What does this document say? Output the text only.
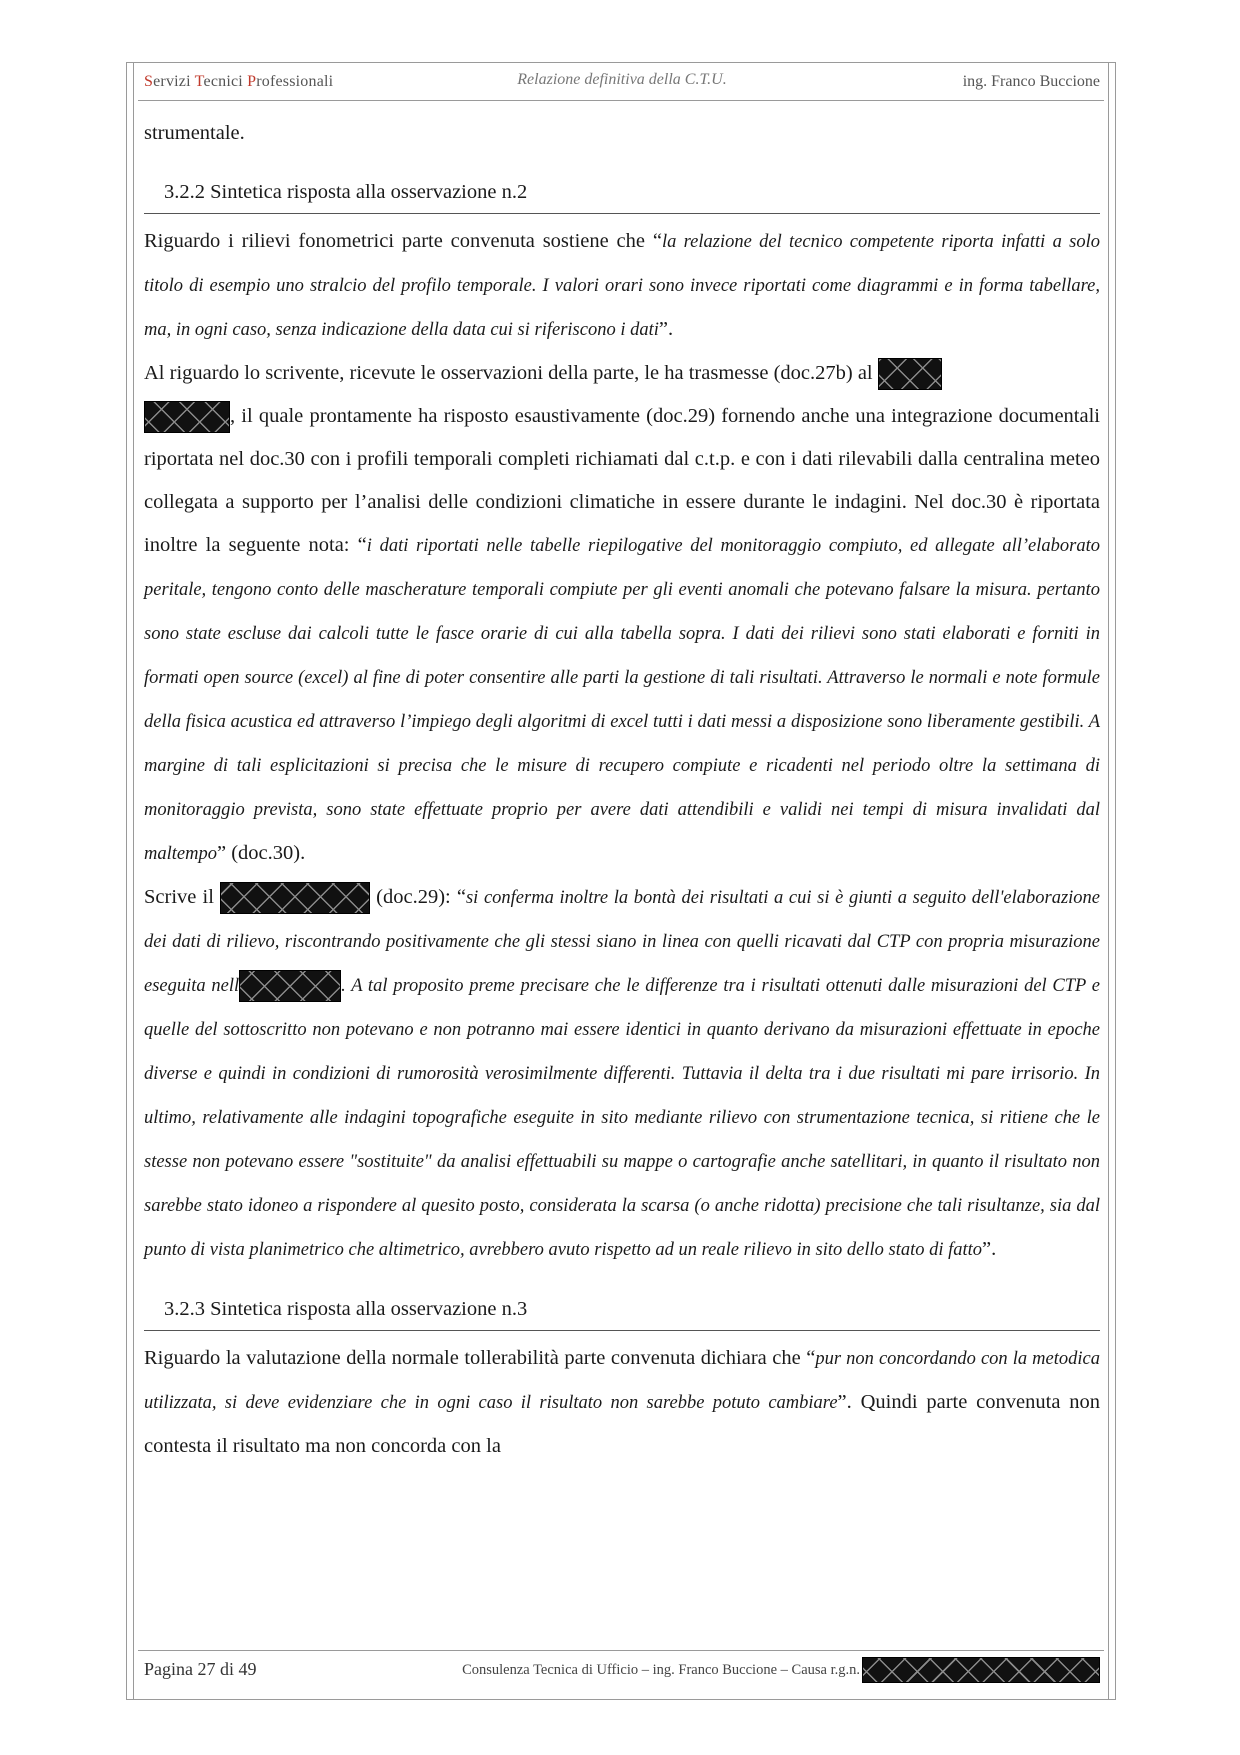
Servizi Tecnici Professionali	Relazione definitiva della C.T.U.	ing. Franco Buccione

strumentale.

3.2.2 Sintetica risposta alla osservazione n.2

Riguardo i rilievi fonometrici parte convenuta sostiene che “la relazione del tecnico competente riporta infatti a solo titolo di esempio uno stralcio del profilo temporale. I valori orari sono invece riportati come diagrammi e in forma tabellare, ma, in ogni caso, senza indicazione della data cui si riferiscono i dati”.

Al riguardo lo scrivente, ricevute le osservazioni della parte, le ha trasmesse (doc.27b) al
, il quale prontamente ha risposto esaustivamente (doc.29) fornendo anche una integrazione documentali riportata nel doc.30 con i profili temporali completi richiamati dal c.t.p. e con i dati rilevabili dalla centralina meteo collegata a supporto per l’analisi delle condizioni climatiche in essere durante le indagini. Nel doc.30 è riportata inoltre la seguente nota: “i dati riportati nelle tabelle riepilogative del monitoraggio compiuto, ed allegate all’elaborato peritale, tengono conto delle mascherature temporali compiute per gli eventi anomali che potevano falsare la misura. pertanto sono state escluse dai calcoli tutte le fasce orarie di cui alla tabella sopra. I dati dei rilievi sono stati elaborati e forniti in formati open source (excel) al fine di poter consentire alle parti la gestione di tali risultati. Attraverso le normali e note formule della fisica acustica ed attraverso l’impiego degli algoritmi di excel tutti i dati messi a disposizione sono liberamente gestibili. A margine di tali esplicitazioni si precisa che le misure di recupero compiute e ricadenti nel periodo oltre la settimana di monitoraggio prevista, sono state effettuate proprio per avere dati attendibili e validi nei tempi di misura invalidati dal maltempo” (doc.30).

Scrive il	(doc.29): “si conferma inoltre la bontà dei risultati a cui si è giunti a seguito dell'elaborazione dei dati di rilievo, riscontrando positivamente che gli stessi siano in linea con quelli ricavati dal CTP con propria misurazione eseguita nell	. A tal proposito preme precisare che le differenze tra i risultati ottenuti dalle misurazioni del CTP e quelle del sottoscritto non potevano e non potranno mai essere identici in quanto derivano da misurazioni effettuate in epoche diverse e quindi in condizioni di rumorosità verosimilmente differenti. Tuttavia il delta tra i due risultati mi pare irrisorio. In ultimo, relativamente alle indagini topografiche eseguite in sito mediante rilievo con strumentazione tecnica, si ritiene che le stesse non potevano essere "sostituite" da analisi effettuabili su mappe o cartografie anche satellitari, in quanto il risultato non sarebbe stato idoneo a rispondere al quesito posto, considerata la scarsa (o anche ridotta) precisione che tali risultanze, sia dal punto di vista planimetrico che altimetrico, avrebbero avuto rispetto ad un reale rilievo in sito dello stato di fatto”.

3.2.3 Sintetica risposta alla osservazione n.3

Riguardo la valutazione della normale tollerabilità parte convenuta dichiara che “pur non concordando con la metodica utilizzata, si deve evidenziare che in ogni caso il risultato non sarebbe potuto cambiare”. Quindi parte convenuta non contesta il risultato ma non concorda con la

Pagina 27 di 49	Consulenza Tecnica di Ufficio – ing. Franco Buccione – Causa r.g.n.
